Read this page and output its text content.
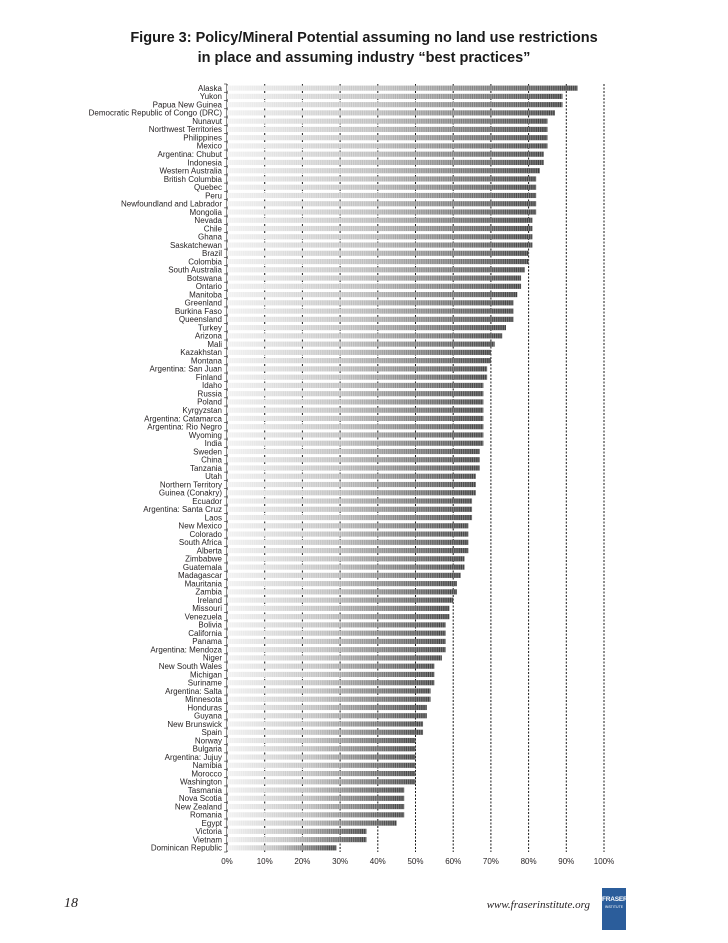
Figure 3: Policy/Mineral Potential assuming no land use restrictions
in place and assuming industry “best practices”
Alaska
Yukon
Papua New Guinea
Democratic Republic of Congo (DRC)
Nunavut
Northwest Territories
Philippines
Mexico
Argentina: Chubut
Indonesia
Western Australia
British Columbia
Quebec
Peru
Newfoundland and Labrador
Mongolia
Nevada
Chile
Ghana
Saskatchewan
Brazil
Colombia
South Australia
Botswana
Ontario
Manitoba
Greenland
Burkina Faso
Queensland
Turkey
Arizona
Mali
Kazakhstan
Montana
Argentina: San Juan
Finland
Idaho
Russia
Poland
Kyrgyzstan
Argentina: Catamarca
Argentina: Rio Negro
Wyoming
India
Sweden
China
Tanzania
Utah
Northern Territory
Guinea (Conakry)
Ecuador
Argentina: Santa Cruz
Laos
New Mexico
Colorado
South Africa
Alberta
Zimbabwe
Guatemala
Madagascar
Mauritania
Zambia
Ireland
Missouri
Venezuela
Bolivia
California
Panama
Argentina: Mendoza
Niger
New South Wales
Michigan
Suriname
Argentina: Salta
Minnesota
Honduras
Guyana
New Brunswick
Spain
Norway
Bulgaria
Argentina: Jujuy
Namibia
Morocco
Washington
Tasmania
Nova Scotia
New Zealand
Romania
Egypt
Victoria
Vietnam
Dominican Republic
0%	10%	20%	30%	40%	50%	60%	70%	80%	90% 100%
18	www.fraserinstitute.org FRASER
INSTITUTE
